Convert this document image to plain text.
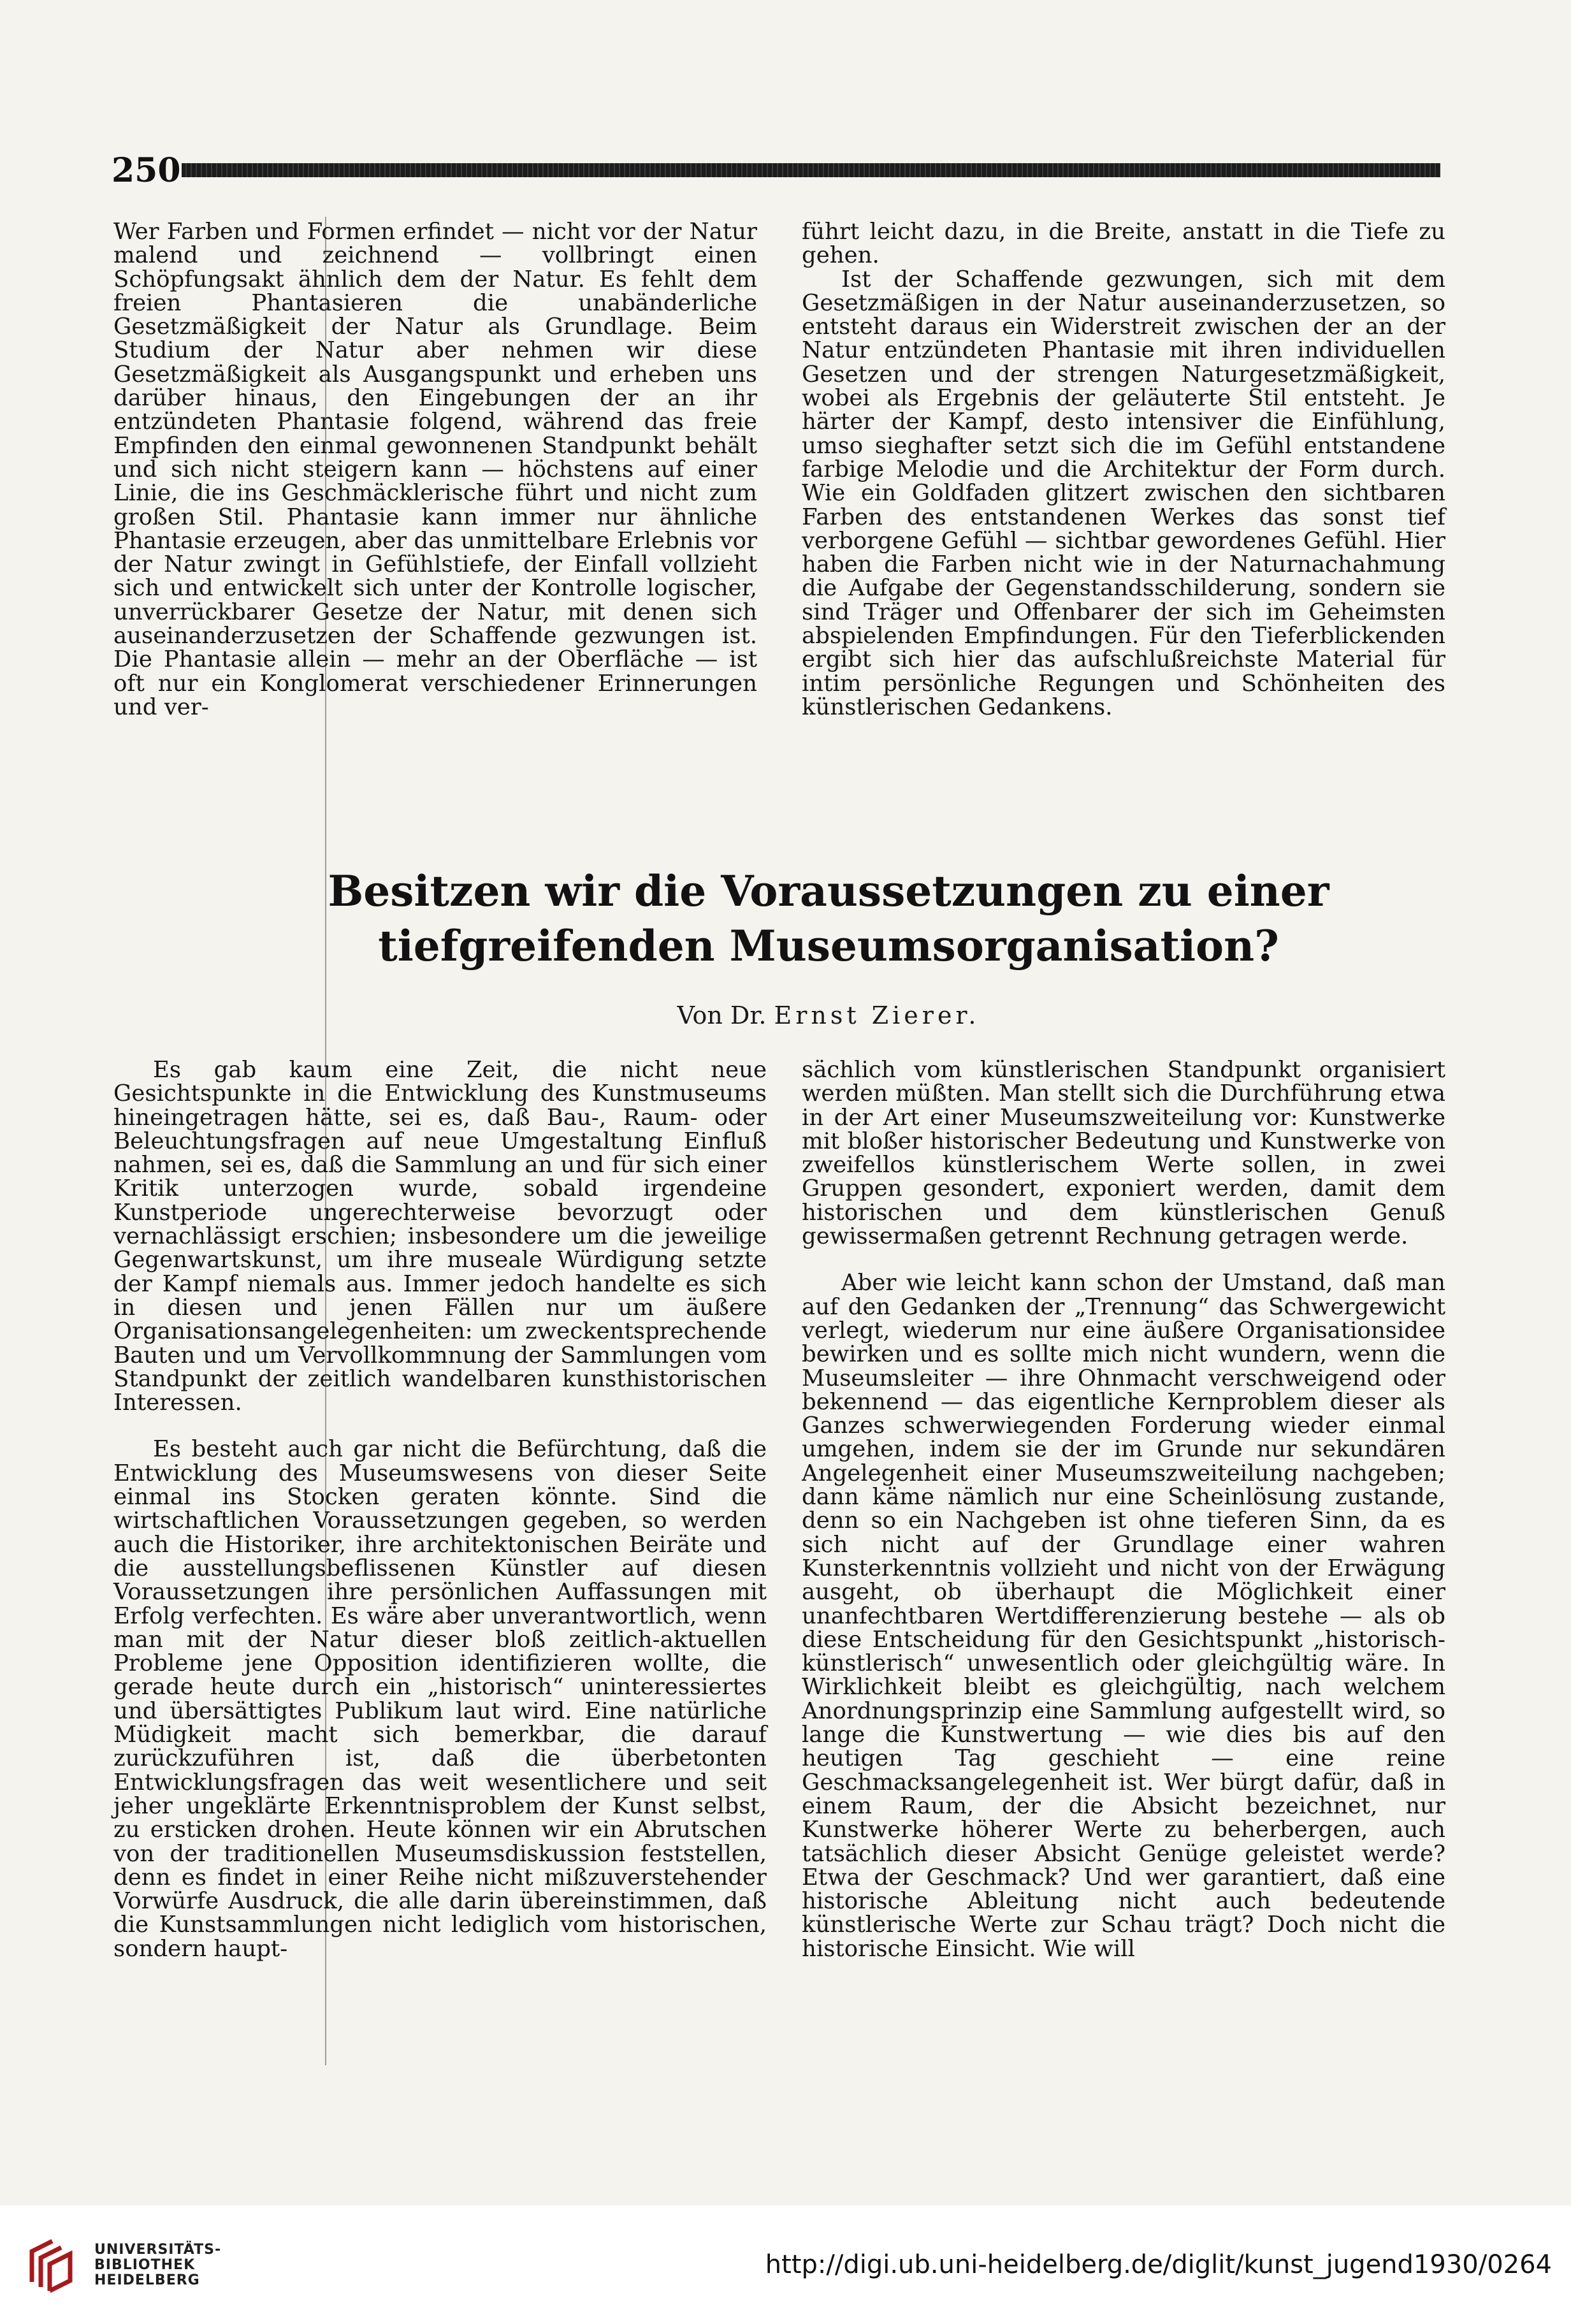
250

Wer Farben und Formen erfindet — nicht vor der Natur malend und zeichnend — vollbringt einen Schöpfungsakt ähnlich dem der Natur. Es fehlt dem freien Phantasieren die unabänderliche Gesetzmäßigkeit der Natur als Grundlage. Beim Studium der Natur aber nehmen wir diese Gesetzmäßigkeit als Ausgangspunkt und erheben uns darüber hinaus, den Eingebungen der an ihr entzündeten Phantasie folgend, während das freie Empfinden den einmal gewonnenen Standpunkt behält und sich nicht steigern kann — höchstens auf einer Linie, die ins Geschmäcklerische führt und nicht zum großen Stil. Phantasie kann immer nur ähnliche Phantasie erzeugen, aber das unmittelbare Erlebnis vor der Natur zwingt in Gefühlstiefe, der Einfall vollzieht sich und entwickelt sich unter der Kontrolle logischer, unverrückbarer Gesetze der Natur, mit denen sich auseinanderzusetzen der Schaffende gezwungen ist. Die Phantasie allein — mehr an der Oberfläche — ist oft nur ein Konglomerat verschiedener Erinnerungen und ver-

führt leicht dazu, in die Breite, anstatt in die Tiefe zu gehen.

Ist der Schaffende gezwungen, sich mit dem Gesetzmäßigen in der Natur auseinanderzusetzen, so entsteht daraus ein Widerstreit zwischen der an der Natur entzündeten Phantasie mit ihren individuellen Gesetzen und der strengen Naturgesetzmäßigkeit, wobei als Ergebnis der geläuterte Stil entsteht. Je härter der Kampf, desto intensiver die Einfühlung, umso sieghafter setzt sich die im Gefühl entstandene farbige Melodie und die Architektur der Form durch. Wie ein Goldfaden glitzert zwischen den sichtbaren Farben des entstandenen Werkes das sonst tief verborgene Gefühl — sichtbar gewordenes Gefühl. Hier haben die Farben nicht wie in der Naturnachahmung die Aufgabe der Gegenstandsschilderung, sondern sie sind Träger und Offenbarer der sich im Geheimsten abspielenden Empfindungen. Für den Tieferblickenden ergibt sich hier das aufschlußreichste Material für intim persönliche Regungen und Schönheiten des künstlerischen Gedankens.

Besitzen wir die Voraussetzungen zu einer
tiefgreifenden Museumsorganisation?
Von Dr. Ernst Zierer.

Es gab kaum eine Zeit, die nicht neue Gesichtspunkte in die Entwicklung des Kunstmuseums hineingetragen hätte, sei es, daß Bau-, Raum- oder Beleuchtungsfragen auf neue Umgestaltung Einfluß nahmen, sei es, daß die Sammlung an und für sich einer Kritik unterzogen wurde, sobald irgendeine Kunstperiode ungerechterweise bevorzugt oder vernachlässigt erschien; insbesondere um die jeweilige Gegenwartskunst, um ihre museale Würdigung setzte der Kampf niemals aus. Immer jedoch handelte es sich in diesen und jenen Fällen nur um äußere Organisationsangelegenheiten: um zweckentsprechende Bauten und um Vervollkommnung der Sammlungen vom Standpunkt der zeitlich wandelbaren kunsthistorischen Interessen.

Es besteht auch gar nicht die Befürchtung, daß die Entwicklung des Museumswesens von dieser Seite einmal ins Stocken geraten könnte. Sind die wirtschaftlichen Voraussetzungen gegeben, so werden auch die Historiker, ihre architektonischen Beiräte und die ausstellungsbeflissenen Künstler auf diesen Voraussetzungen ihre persönlichen Auffassungen mit Erfolg verfechten. Es wäre aber unverantwortlich, wenn man mit der Natur dieser bloß zeitlich-aktuellen Probleme jene Opposition identifizieren wollte, die gerade heute durch ein „historisch“ uninteressiertes und übersättigtes Publikum laut wird. Eine natürliche Müdigkeit macht sich bemerkbar, die darauf zurückzuführen ist, daß die überbetonten Entwicklungsfragen das weit wesentlichere und seit jeher ungeklärte Erkenntnisproblem der Kunst selbst, zu ersticken drohen. Heute können wir ein Abrutschen von der traditionellen Museumsdiskussion feststellen, denn es findet in einer Reihe nicht mißzuverstehender Vorwürfe Ausdruck, die alle darin übereinstimmen, daß die Kunstsammlungen nicht lediglich vom historischen, sondern haupt-

sächlich vom künstlerischen Standpunkt organisiert werden müßten. Man stellt sich die Durchführung etwa in der Art einer Museumszweiteilung vor: Kunstwerke mit bloßer historischer Bedeutung und Kunstwerke von zweifellos künstlerischem Werte sollen, in zwei Gruppen gesondert, exponiert werden, damit dem historischen und dem künstlerischen Genuß gewissermaßen getrennt Rechnung getragen werde.

Aber wie leicht kann schon der Umstand, daß man auf den Gedanken der „Trennung“ das Schwergewicht verlegt, wiederum nur eine äußere Organisationsidee bewirken und es sollte mich nicht wundern, wenn die Museumsleiter — ihre Ohnmacht verschweigend oder bekennend — das eigentliche Kernproblem dieser als Ganzes schwerwiegenden Forderung wieder einmal umgehen, indem sie der im Grunde nur sekundären Angelegenheit einer Museumszweiteilung nachgeben; dann käme nämlich nur eine Scheinlösung zustande, denn so ein Nachgeben ist ohne tieferen Sinn, da es sich nicht auf der Grundlage einer wahren Kunsterkenntnis vollzieht und nicht von der Erwägung ausgeht, ob überhaupt die Möglichkeit einer unanfechtbaren Wertdifferenzierung bestehe — als ob diese Entscheidung für den Gesichtspunkt „historisch-künstlerisch“ unwesentlich oder gleichgültig wäre. In Wirklichkeit bleibt es gleichgültig, nach welchem Anordnungsprinzip eine Sammlung aufgestellt wird, so lange die Kunstwertung — wie dies bis auf den heutigen Tag geschieht — eine reine Geschmacksangelegenheit ist. Wer bürgt dafür, daß in einem Raum, der die Absicht bezeichnet, nur Kunstwerke höherer Werte zu beherbergen, auch tatsächlich dieser Absicht Genüge geleistet werde? Etwa der Geschmack? Und wer garantiert, daß eine historische Ableitung nicht auch bedeutende künstlerische Werte zur Schau trägt? Doch nicht die historische Einsicht. Wie will

UNIVERSITÄTS-
BIBLIOTHEK
HEIDELBERG
http://digi.ub.uni-heidelberg.de/diglit/kunst_jugend1930/0264
